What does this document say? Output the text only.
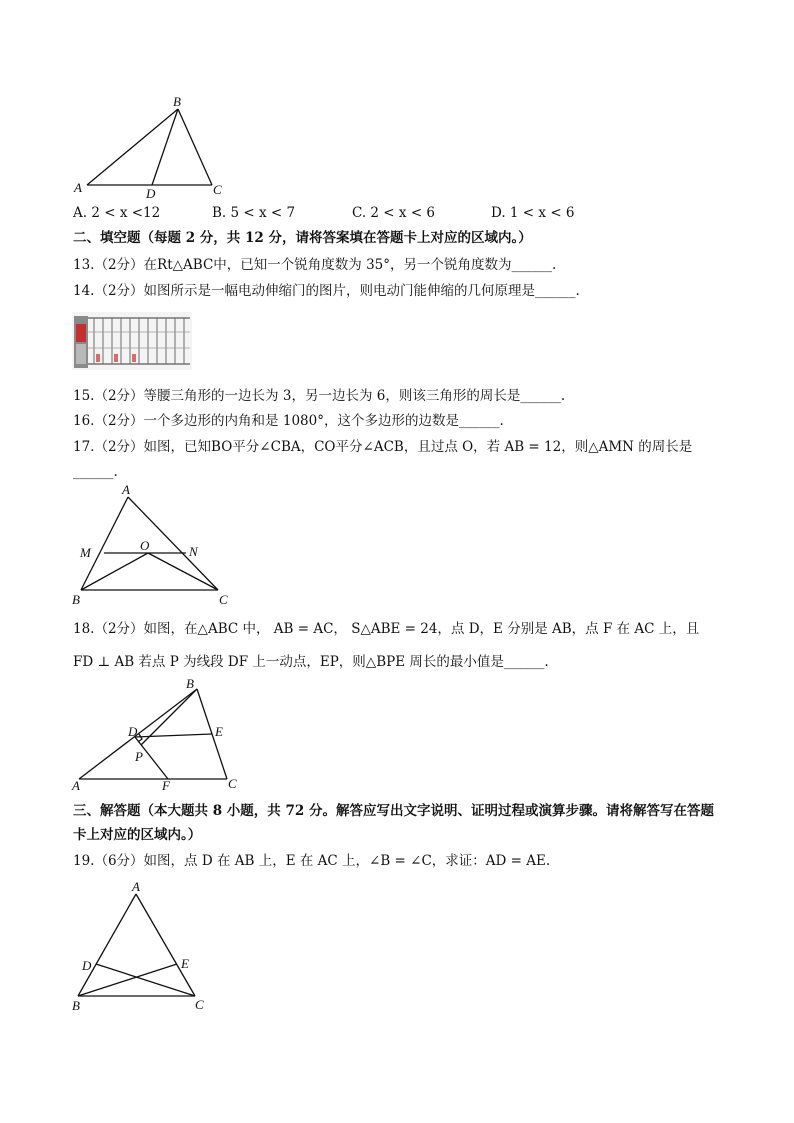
B
A	D	C
A. 2 < x <12	B. 5 < x < 7	C. 2 < x < 6	D. 1 < x < 6
二、填空题（每题 2 分，共 12 分，请将答案填在答题卡上对应的区域内。）
13.（2分）在Rt△ABC中，已知一个锐角度数为 35°，另一个锐角度数为______.
14.（2分）如图所示是一幅电动伸缩门的图片，则电动门能伸缩的几何原理是______.
15.（2分）等腰三角形的一边长为 3，另一边长为 6，则该三角形的周长是______.
16.（2分）一个多边形的内角和是 1080°，这个多边形的边数是______.
17.（2分）如图，已知BO平分∠CBA，CO平分∠ACB，且过点 O，若 AB = 12，则△AMN 的周长是
______.
A
M	O	N
B	C
18.（2分）如图，在△ABC 中， AB = AC， S△ABE = 24，点 D，E 分别是 AB，点 F 在 AC 上，且
FD ⊥ AB 若点 P 为线段 DF 上一动点，EP，则△BPE 周长的最小值是______.
B
D	E
P
A	F	C
三、解答题（本大题共 8 小题，共 72 分。解答应写出文字说明、证明过程或演算步骤。请将解答写在答题
卡上对应的区域内。）
19.（6分）如图，点 D 在 AB 上，E 在 AC 上，∠B = ∠C，求证：AD = AE.
A
D	E
B	C
